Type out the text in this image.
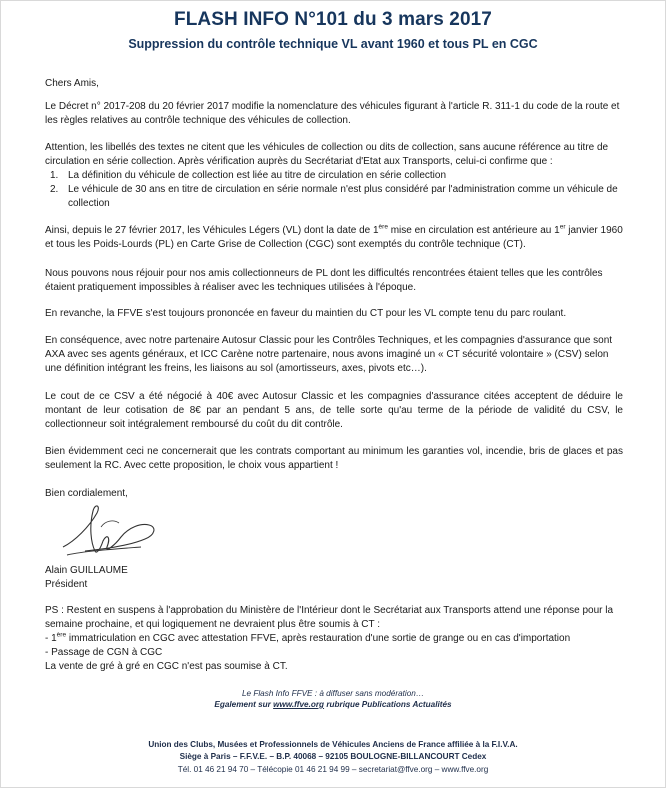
FLASH INFO N°101 du 3 mars 2017
Suppression du contrôle technique VL avant 1960 et tous PL en CGC

Chers Amis,

Le Décret n° 2017-208 du 20 février 2017 modifie la nomenclature des véhicules figurant à l'article R. 311-1 du code de la route et les règles relatives au contrôle technique des véhicules de collection.

Attention, les libellés des textes ne citent que les véhicules de collection ou dits de collection, sans aucune référence au titre de circulation en série collection. Après vérification auprès du Secrétariat d'Etat aux Transports, celui-ci confirme que :

1. La définition du véhicule de collection est liée au titre de circulation en série collection
2. Le véhicule de 30 ans en titre de circulation en série normale n'est plus considéré par l'administration comme un véhicule de collection

Ainsi, depuis le 27 février 2017, les Véhicules Légers (VL) dont la date de 1ère mise en circulation est antérieure au 1er janvier 1960 et tous les Poids-Lourds (PL) en Carte Grise de Collection (CGC) sont exemptés du contrôle technique (CT).

Nous pouvons nous réjouir pour nos amis collectionneurs de PL dont les difficultés rencontrées étaient telles que les contrôles étaient pratiquement impossibles à réaliser avec les techniques utilisées à l'époque.

En revanche, la FFVE s'est toujours prononcée en faveur du maintien du CT pour les VL compte tenu du parc roulant.

En conséquence, avec notre partenaire Autosur Classic pour les Contrôles Techniques, et les compagnies d'assurance que sont AXA avec ses agents généraux, et ICC Carène notre partenaire, nous avons imaginé un « CT sécurité volontaire » (CSV) selon une définition intégrant les freins, les liaisons au sol (amortisseurs, axes, pivots etc…).

Le cout de ce CSV a été négocié à 40€ avec Autosur Classic et les compagnies d'assurance citées acceptent de déduire le montant de leur cotisation de 8€ par an pendant 5 ans, de telle sorte qu'au terme de la période de validité du CSV, le collectionneur soit intégralement remboursé du coût du dit contrôle.

Bien évidemment ceci ne concernerait que les contrats comportant au minimum les garanties vol, incendie, bris de glaces et pas seulement la RC. Avec cette proposition, le choix vous appartient !

Bien cordialement,

Alain GUILLAUME

Président

PS : Restent en suspens à l'approbation du Ministère de l'Intérieur dont le Secrétariat aux Transports attend une réponse pour la semaine prochaine, et qui logiquement ne devraient plus être soumis à CT :

- 1ère immatriculation en CGC avec attestation FFVE, après restauration d'une sortie de grange ou en cas d'importation

- Passage de CGN à CGC

La vente de gré à gré en CGC n'est pas soumise à CT.

Le Flash Info FFVE : à diffuser sans modération…
Egalement sur www.ffve.org rubrique Publications Actualités
Union des Clubs, Musées et Professionnels de Véhicules Anciens de France affiliée à la F.I.V.A.
Siège à Paris – F.F.V.E. – B.P. 40068 – 92105 BOULOGNE-BILLANCOURT Cedex
Tél. 01 46 21 94 70 – Télécopie 01 46 21 94 99 – secretariat@ffve.org – www.ffve.org
